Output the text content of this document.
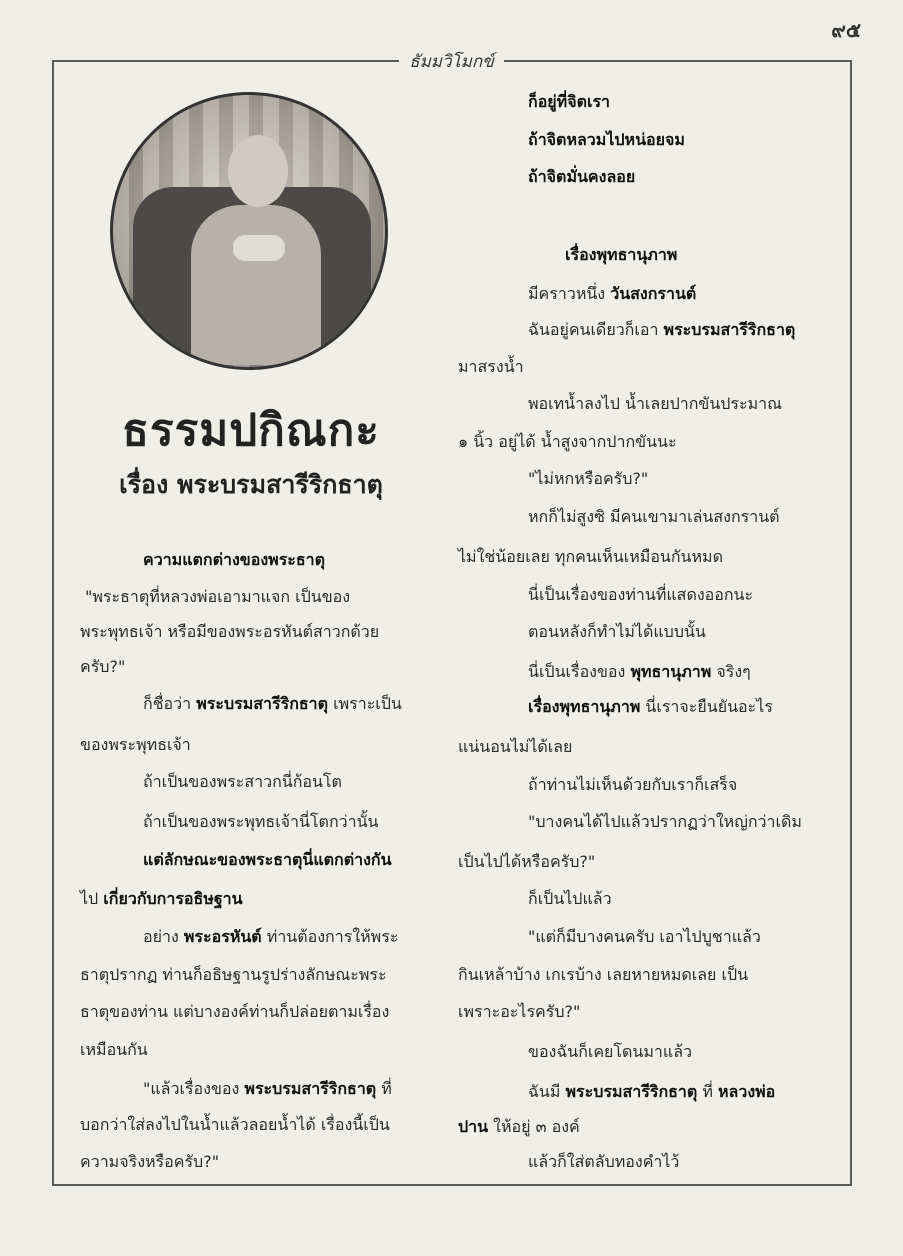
๙๕
ธัมมวิโมกข์
ธรรมปกิณกะ
เรื่อง พระบรมสารีริกธาตุ
ความแตกต่างของพระธาตุ
"พระธาตุที่หลวงพ่อเอามาแจก เป็นของ
พระพุทธเจ้า หรือมีของพระอรหันต์สาวกด้วย
ครับ?"
ก็ชื่อว่า พระบรมสารีริกธาตุ เพราะเป็น
ของพระพุทธเจ้า
ถ้าเป็นของพระสาวกนี่ก้อนโต
ถ้าเป็นของพระพุทธเจ้านี่โตกว่านั้น
แต่ลักษณะของพระธาตุนี่แตกต่างกัน
ไป เกี่ยวกับการอธิษฐาน
อย่าง พระอรหันต์ ท่านต้องการให้พระ
ธาตุปรากฏ ท่านก็อธิษฐานรูปร่างลักษณะพระ
ธาตุของท่าน แต่บางองค์ท่านก็ปล่อยตามเรื่อง
เหมือนกัน
"แล้วเรื่องของ พระบรมสารีริกธาตุ ที่
บอกว่าใส่ลงไปในน้ำแล้วลอยน้ำได้ เรื่องนี้เป็น
ความจริงหรือครับ?"
ก็อยู่ที่จิตเรา
ถ้าจิตหลวมไปหน่อยจม
ถ้าจิตมั่นคงลอย
เรื่องพุทธานุภาพ
มีคราวหนึ่ง วันสงกรานต์
ฉันอยู่คนเดียวก็เอา พระบรมสารีริกธาตุ
มาสรงน้ำ
พอเทน้ำลงไป น้ำเลยปากขันประมาณ
๑ นิ้ว อยู่ได้ น้ำสูงจากปากขันนะ
"ไม่หกหรือครับ?"
หกก็ไม่สูงซิ มีคนเขามาเล่นสงกรานต์
ไม่ใช่น้อยเลย ทุกคนเห็นเหมือนกันหมด
นี่เป็นเรื่องของท่านที่แสดงออกนะ
ตอนหลังก็ทำไม่ได้แบบนั้น
นี่เป็นเรื่องของ พุทธานุภาพ จริงๆ
เรื่องพุทธานุภาพ นี่เราจะยืนยันอะไร
แน่นอนไม่ได้เลย
ถ้าท่านไม่เห็นด้วยกับเราก็เสร็จ
"บางคนได้ไปแล้วปรากฏว่าใหญ่กว่าเดิม
เป็นไปได้หรือครับ?"
ก็เป็นไปแล้ว
"แต่ก็มีบางคนครับ เอาไปบูชาแล้ว
กินเหล้าบ้าง เกเรบ้าง เลยหายหมดเลย เป็น
เพราะอะไรครับ?"
ของฉันก็เคยโดนมาแล้ว
ฉันมี พระบรมสารีริกธาตุ ที่ หลวงพ่อ
ปาน ให้อยู่ ๓ องค์
แล้วก็ใส่ตลับทองคำไว้
